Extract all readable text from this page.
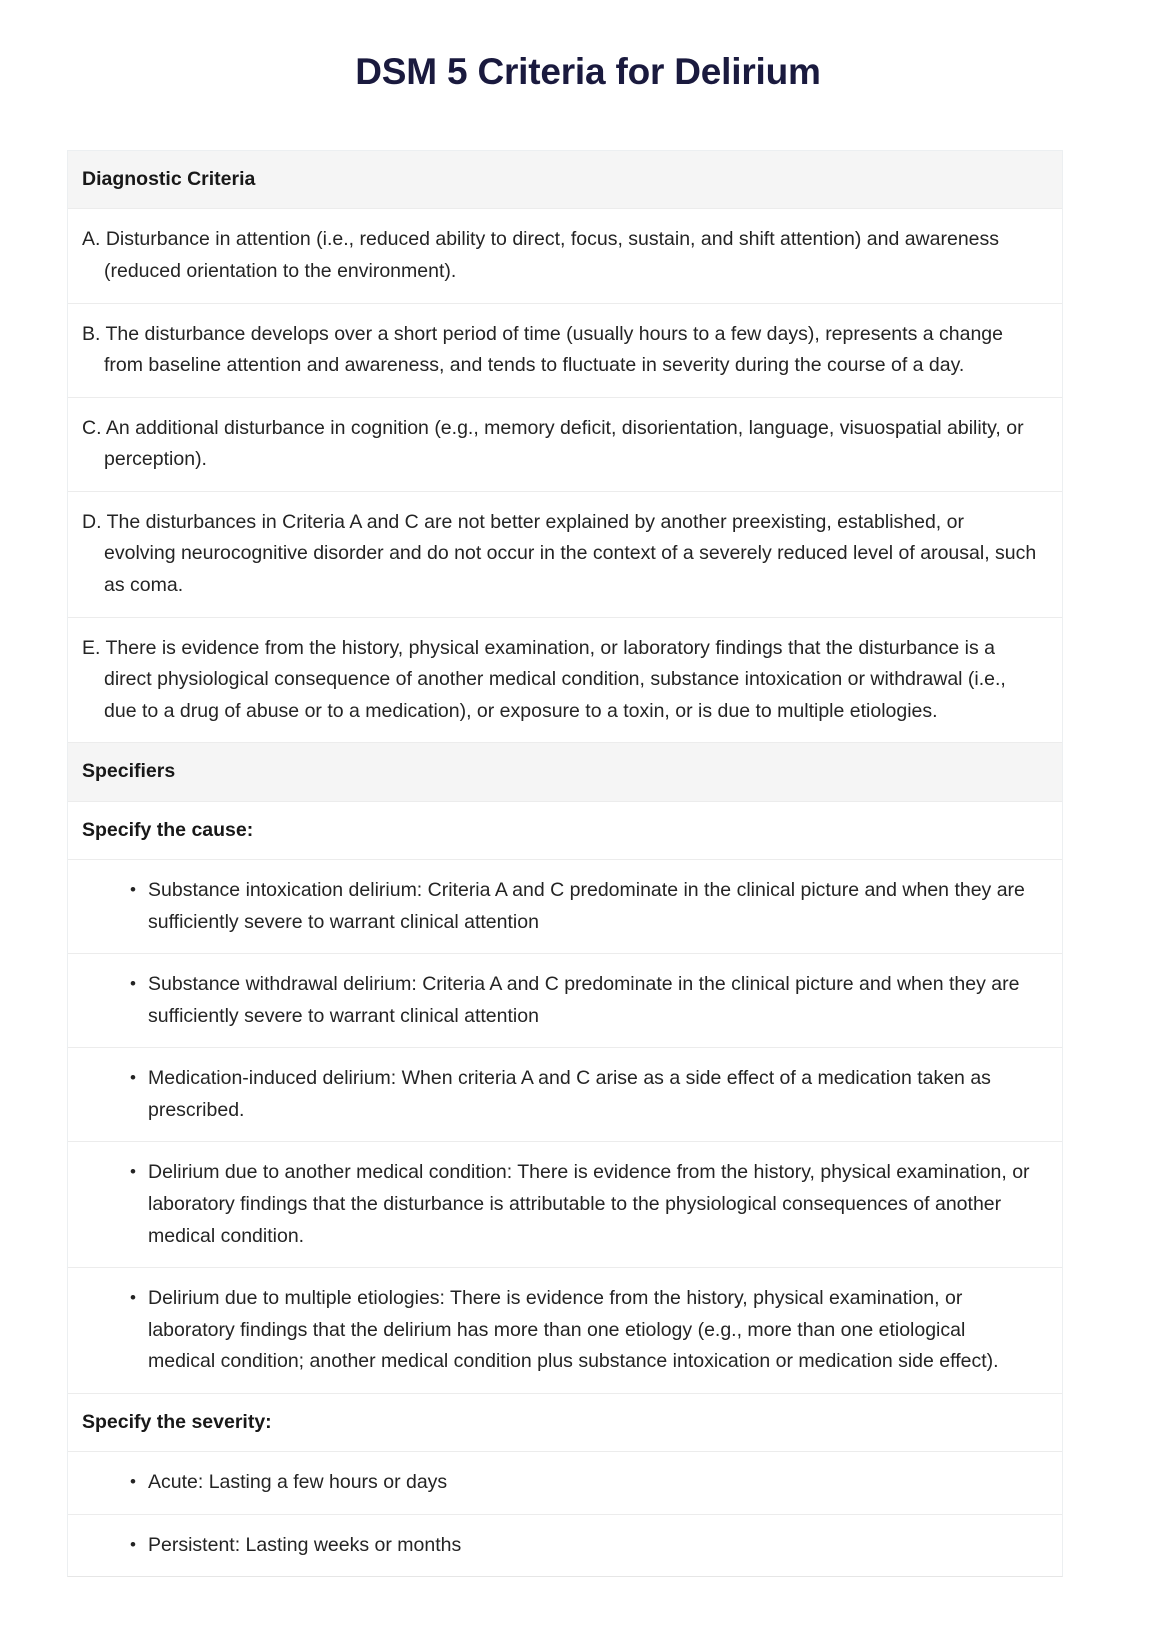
DSM 5 Criteria for Delirium
Diagnostic Criteria
A. Disturbance in attention (i.e., reduced ability to direct, focus, sustain, and shift attention) and awareness (reduced orientation to the environment).
B. The disturbance develops over a short period of time (usually hours to a few days), represents a change from baseline attention and awareness, and tends to fluctuate in severity during the course of a day.
C. An additional disturbance in cognition (e.g., memory deficit, disorientation, language, visuospatial ability, or perception).
D. The disturbances in Criteria A and C are not better explained by another preexisting, established, or evolving neurocognitive disorder and do not occur in the context of a severely reduced level of arousal, such as coma.
E. There is evidence from the history, physical examination, or laboratory findings that the disturbance is a direct physiological consequence of another medical condition, substance intoxication or withdrawal (i.e., due to a drug of abuse or to a medication), or exposure to a toxin, or is due to multiple etiologies.
Specifiers
Specify the cause:
• Substance intoxication delirium: Criteria A and C predominate in the clinical picture and when they are sufficiently severe to warrant clinical attention
• Substance withdrawal delirium: Criteria A and C predominate in the clinical picture and when they are sufficiently severe to warrant clinical attention
• Medication-induced delirium: When criteria A and C arise as a side effect of a medication taken as prescribed.
• Delirium due to another medical condition: There is evidence from the history, physical examination, or laboratory findings that the disturbance is attributable to the physiological consequences of another medical condition.
• Delirium due to multiple etiologies: There is evidence from the history, physical examination, or laboratory findings that the delirium has more than one etiology (e.g., more than one etiological medical condition; another medical condition plus substance intoxication or medication side effect).
Specify the severity:
• Acute: Lasting a few hours or days
• Persistent: Lasting weeks or months
